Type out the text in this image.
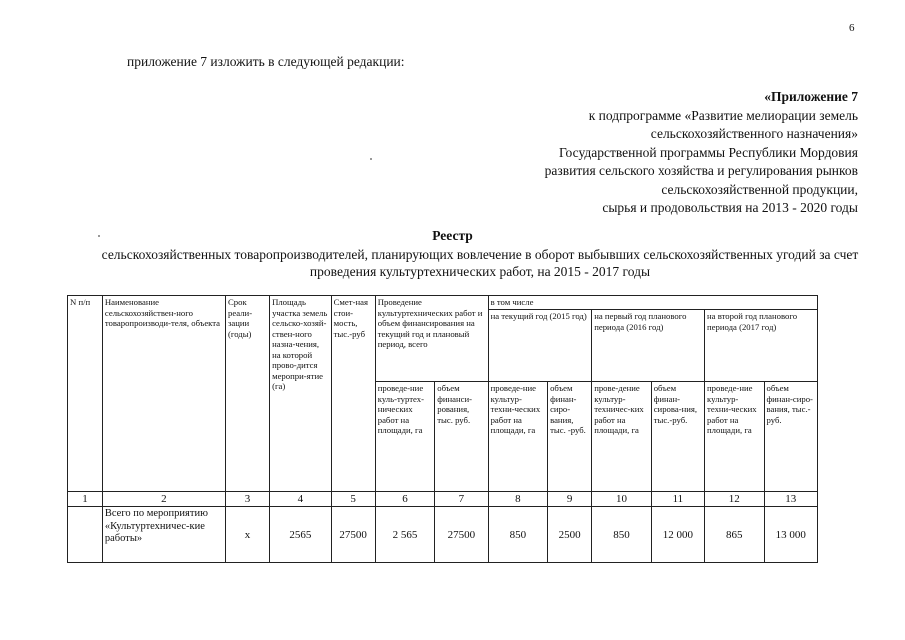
6
приложение 7 изложить в следующей редакции:
«Приложение 7
к подпрограмме «Развитие мелиорации земель
сельскохозяйственного назначения»
Государственной программы Республики Мордовия
развития сельского хозяйства и регулирования рынков
сельскохозяйственной продукции,
сырья и продовольствия на 2013 - 2020 годы
Реестр
сельскохозяйственных товаропроизводителей, планирующих вовлечение в оборот выбывших сельскохозяйственных угодий за счет проведения культуртехнических работ, на 2015 - 2017 годы
N п/п	Наименование сельскохозяйствен-ного товаропроизводи-теля, объекта	Срок реали-зации (годы)	Площадь участка земель сельско-хозяй-ствен-ного назна-чения, на которой прово-дится меропри-ятие (га)	Смет-ная стои-мость, тыс.-руб	Проведение культуртехнических работ и объем финансирования на текущий год и плановый период, всего		в том числе					
							на текущий год (2015 год)		на первый год планового периода (2016 год)		на второй год планового периода (2017 год)	
					проведе-ние куль-туртех-нических работ на площади, га	объем финанси-рования, тыс. руб.	проведе-ние культур-техни-ческих работ на площади, га	объем финан-сиро-вания, тыс. -руб.	прове-дение культур-техничес-ких работ на площади, га	объем финан-сирова-ния, тыс.-руб.	проведе-ние культур-техни-ческих работ на площади, га	объем финан-сиро-вания, тыс.-руб.
1	2	3	4	5	6	7	8	9	10	11	12	13
	Всего по мероприятию «Культуртехничес-кие работы»	х	2565	27500	2 565	27500	850	2500	850	12 000	865	13 000
